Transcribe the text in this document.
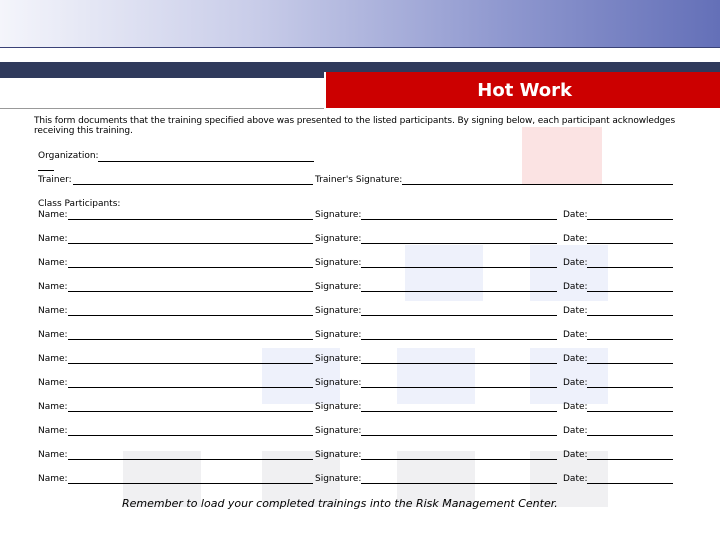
Hot Work
This form documents that the training specified above was presented to the listed participants. By signing below, each participant acknowledges receiving this training.
Organization:
Trainer:	Trainer's Signature:
Class Participants:
Name:	Signature:	Date:
Name:	Signature:	Date:
Name:	Signature:	Date:
Name:	Signature:	Date:
Name:	Signature:	Date:
Name:	Signature:	Date:
Name:	Signature:	Date:
Name:	Signature:	Date:
Name:	Signature:	Date:
Name:	Signature:	Date:
Name:	Signature:	Date:
Name:	Signature:	Date:
Remember to load your completed trainings into the Risk Management Center.
